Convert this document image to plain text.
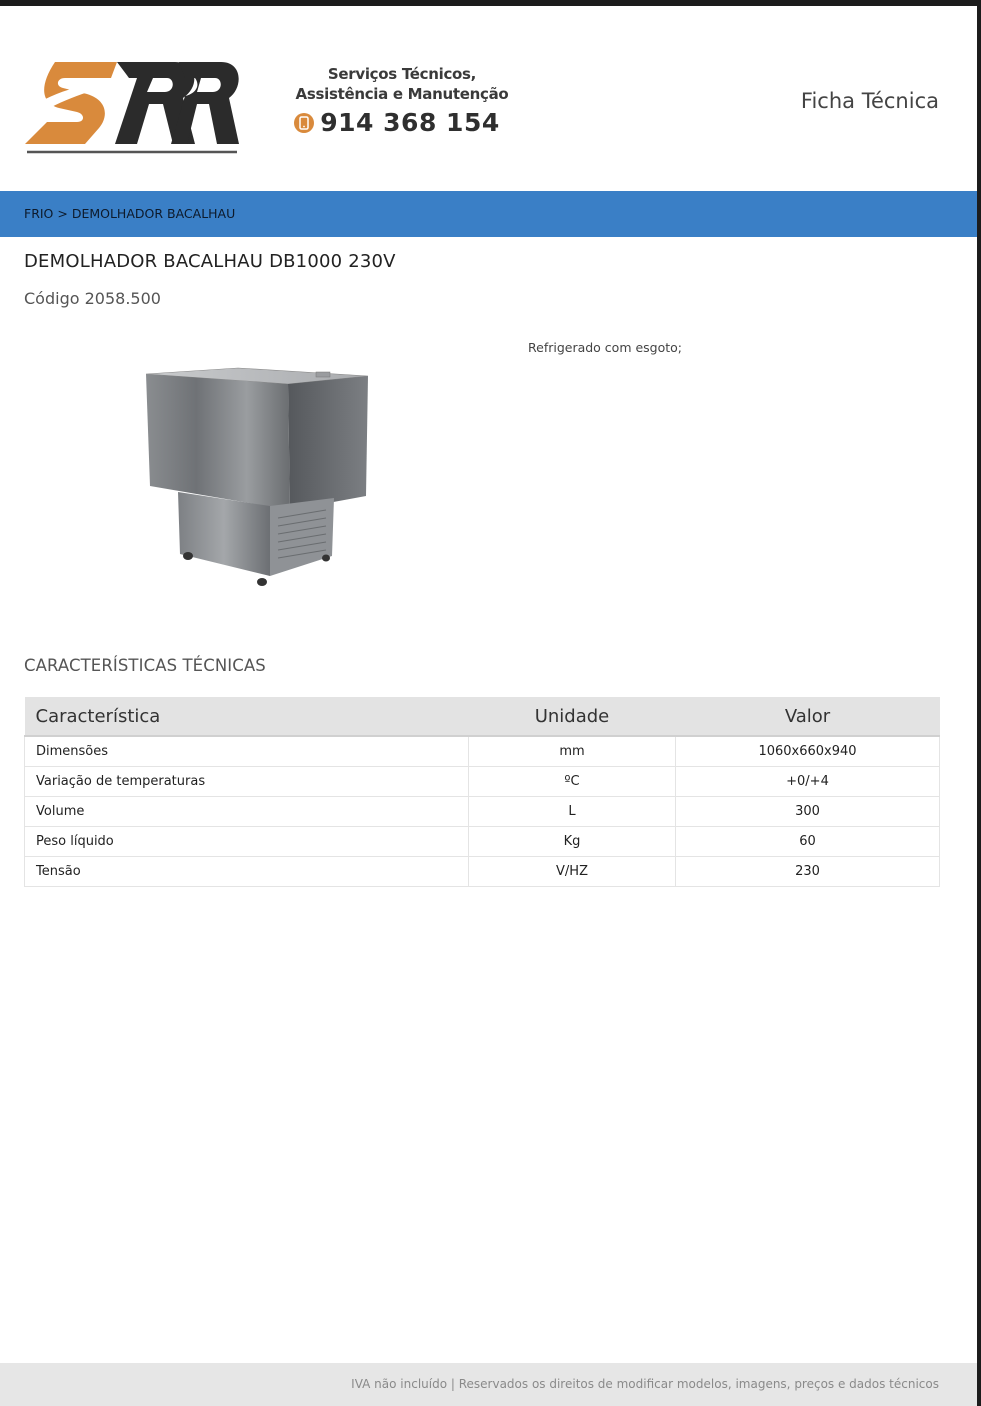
Serviços Técnicos,
Assistência e Manutenção
914 368 154
Ficha Técnica
FRIO > DEMOLHADOR BACALHAU
DEMOLHADOR BACALHAU DB1000 230V
Código 2058.500
Refrigerado com esgoto;
CARACTERÍSTICAS TÉCNICAS
Característica	Unidade	Valor
Dimensões	mm	1060x660x940
Variação de temperaturas	ºC	+0/+4
Volume	L	300
Peso líquido	Kg	60
Tensão	V/HZ	230
IVA não incluído | Reservados os direitos de modificar modelos, imagens, preços e dados técnicos
